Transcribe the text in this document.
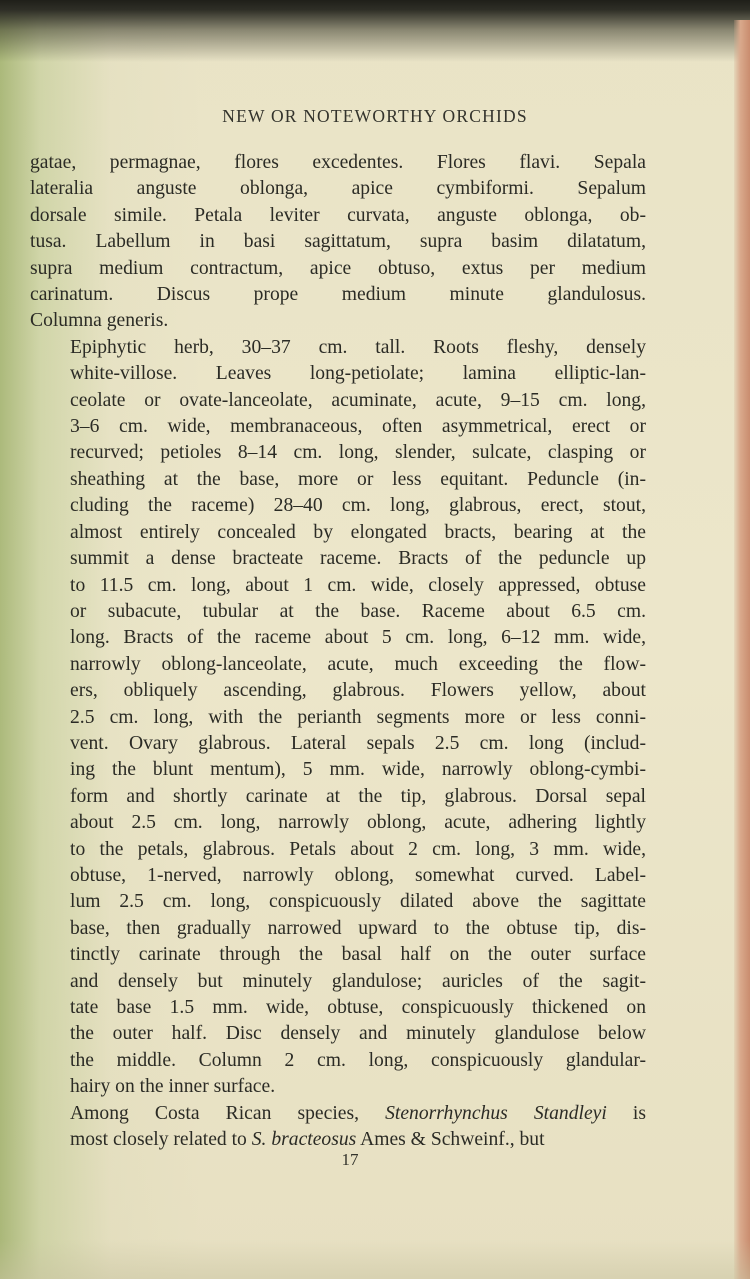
NEW OR NOTEWORTHY ORCHIDS

gatae, permagnae, flores excedentes. Flores flavi. Sepala
lateralia anguste oblonga, apice cymbiformi. Sepalum
dorsale simile. Petala leviter curvata, anguste oblonga, ob-
tusa. Labellum in basi sagittatum, supra basim dilatatum,
supra medium contractum, apice obtuso, extus per medium
carinatum. Discus prope medium minute glandulosus.
Columna generis.

Epiphytic herb, 30–37 cm. tall. Roots fleshy, densely
white-villose. Leaves long-petiolate; lamina elliptic-lan-
ceolate or ovate-lanceolate, acuminate, acute, 9–15 cm. long,
3–6 cm. wide, membranaceous, often asymmetrical, erect or
recurved; petioles 8–14 cm. long, slender, sulcate, clasping or
sheathing at the base, more or less equitant. Peduncle (in-
cluding the raceme) 28–40 cm. long, glabrous, erect, stout,
almost entirely concealed by elongated bracts, bearing at the
summit a dense bracteate raceme. Bracts of the peduncle up
to 11.5 cm. long, about 1 cm. wide, closely appressed, obtuse
or subacute, tubular at the base. Raceme about 6.5 cm.
long. Bracts of the raceme about 5 cm. long, 6–12 mm. wide,
narrowly oblong-lanceolate, acute, much exceeding the flow-
ers, obliquely ascending, glabrous. Flowers yellow, about
2.5 cm. long, with the perianth segments more or less conni-
vent. Ovary glabrous. Lateral sepals 2.5 cm. long (includ-
ing the blunt mentum), 5 mm. wide, narrowly oblong-cymbi-
form and shortly carinate at the tip, glabrous. Dorsal sepal
about 2.5 cm. long, narrowly oblong, acute, adhering lightly
to the petals, glabrous. Petals about 2 cm. long, 3 mm. wide,
obtuse, 1-nerved, narrowly oblong, somewhat curved. Label-
lum 2.5 cm. long, conspicuously dilated above the sagittate
base, then gradually narrowed upward to the obtuse tip, dis-
tinctly carinate through the basal half on the outer surface
and densely but minutely glandulose; auricles of the sagit-
tate base 1.5 mm. wide, obtuse, conspicuously thickened on
the outer half. Disc densely and minutely glandulose below
the middle. Column 2 cm. long, conspicuously glandular-
hairy on the inner surface.

Among Costa Rican species, Stenorrhynchus Standleyi is
most closely related to S. bracteosus Ames & Schweinf., but

17
